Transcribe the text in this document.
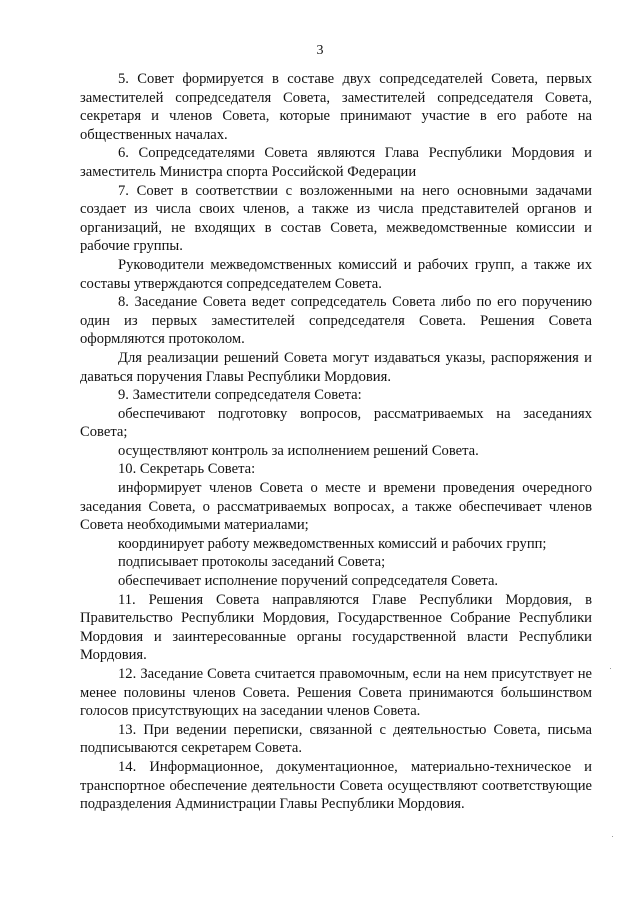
3

5. Совет формируется в составе двух сопредседателей Совета, первых заместителей сопредседателя Совета, заместителей сопредседателя Совета, секретаря и членов Совета, которые принимают участие в его работе на общественных началах.

6. Сопредседателями Совета являются Глава Республики Мордовия и заместитель Министра спорта Российской Федерации

7. Совет в соответствии с возложенными на него основными задачами создает из числа своих членов, а также из числа представителей органов и организаций, не входящих в состав Совета, межведомственные комиссии и рабочие группы.

Руководители межведомственных комиссий и рабочих групп, а также их составы утверждаются сопредседателем Совета.

8. Заседание Совета ведет сопредседатель Совета либо по его поручению один из первых заместителей сопредседателя Совета. Решения Совета оформляются протоколом.

Для реализации решений Совета могут издаваться указы, распоряжения и даваться поручения Главы Республики Мордовия.

9. Заместители сопредседателя Совета:

обеспечивают подготовку вопросов, рассматриваемых на заседаниях Совета;

осуществляют контроль за исполнением решений Совета.

10. Секретарь Совета:

информирует членов Совета о месте и времени проведения очередного заседания Совета, о рассматриваемых вопросах, а также обеспечивает членов Совета необходимыми материалами;

координирует работу межведомственных комиссий и рабочих групп;

подписывает протоколы заседаний Совета;

обеспечивает исполнение поручений сопредседателя Совета.

11. Решения Совета направляются Главе Республики Мордовия, в Правительство Республики Мордовия, Государственное Собрание Республики Мордовия и заинтересованные органы государственной власти Республики Мордовия.

12. Заседание Совета считается правомочным, если на нем присутствует не менее половины членов Совета. Решения Совета принимаются большинством голосов присутствующих на заседании членов Совета.

13. При ведении переписки, связанной с деятельностью Совета, письма подписываются секретарем Совета.

14. Информационное, документационное, материально-техническое и транспортное обеспечение деятельности Совета осуществляют соответствующие подразделения Администрации Главы Республики Мордовия.
